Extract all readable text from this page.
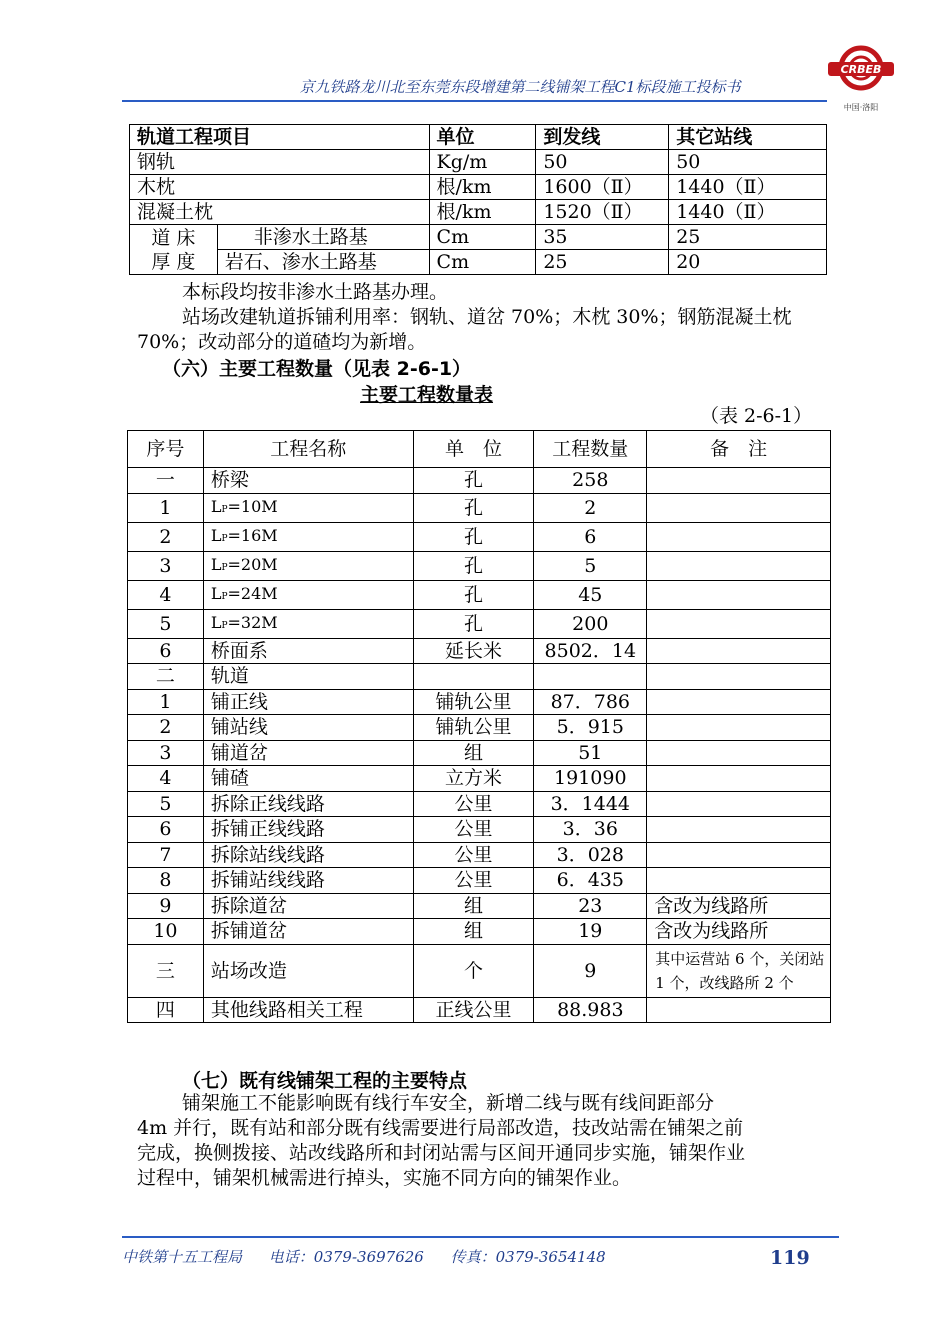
京九铁路龙川北至东莞东段增建第二线铺架工程C1标段施工投标书
CRBEB
中国·洛阳
轨道工程项目		单位	到发线	其它站线
钢轨		Kg/m	50	50
木枕		根/km	1600（Ⅱ）	1440（Ⅱ）
混凝土枕		根/km	1520（Ⅱ）	1440（Ⅱ）

道 床
厚 度	非渗水土路基	Cm	35	25
	岩石、渗水土路基	Cm	25	20
本标段均按非渗水土路基办理。
站场改建轨道拆铺利用率：钢轨、道岔 70%；木枕 30%；钢筋混凝土枕
70%；改动部分的道碴均为新增。
（六）主要工程数量（见表 2-6-1）
主要工程数量表
（表 2-6-1）
序号	工程名称	单　位	工程数量	备　注
一	桥梁	孔	258	
1	LP=10M	孔	2	
2	LP=16M	孔	6	
3	LP=20M	孔	5	
4	LP=24M	孔	45	
5	LP=32M	孔	200	
6	桥面系	延长米	8502．14	
二	轨道			
1	铺正线	铺轨公里	87．786	
2	铺站线	铺轨公里	5．915	
3	铺道岔	组	51	
4	铺碴	立方米	191090	
5	拆除正线线路	公里	3．1444	
6	拆铺正线线路	公里	3．36	
7	拆除站线线路	公里	3．028	
8	拆铺站线线路	公里	6．435	
9	拆除道岔	组	23	含改为线路所
10	拆铺道岔	组	19	含改为线路所
三	站场改造	个	9	其中运营站 6 个，关闭站 1 个，改线路所 2 个
四	其他线路相关工程	正线公里	88.983	
（七）既有线铺架工程的主要特点
铺架施工不能影响既有线行车安全，新增二线与既有线间距部分
4m 并行，既有站和部分既有线需要进行局部改造，技改站需在铺架之前
完成，换侧拨接、站改线路所和封闭站需与区间开通同步实施，铺架作业
过程中，铺架机械需进行掉头，实施不同方向的铺架作业。
中铁第十五工程局 电话：0379-3697626 传真：0379-3654148	119
